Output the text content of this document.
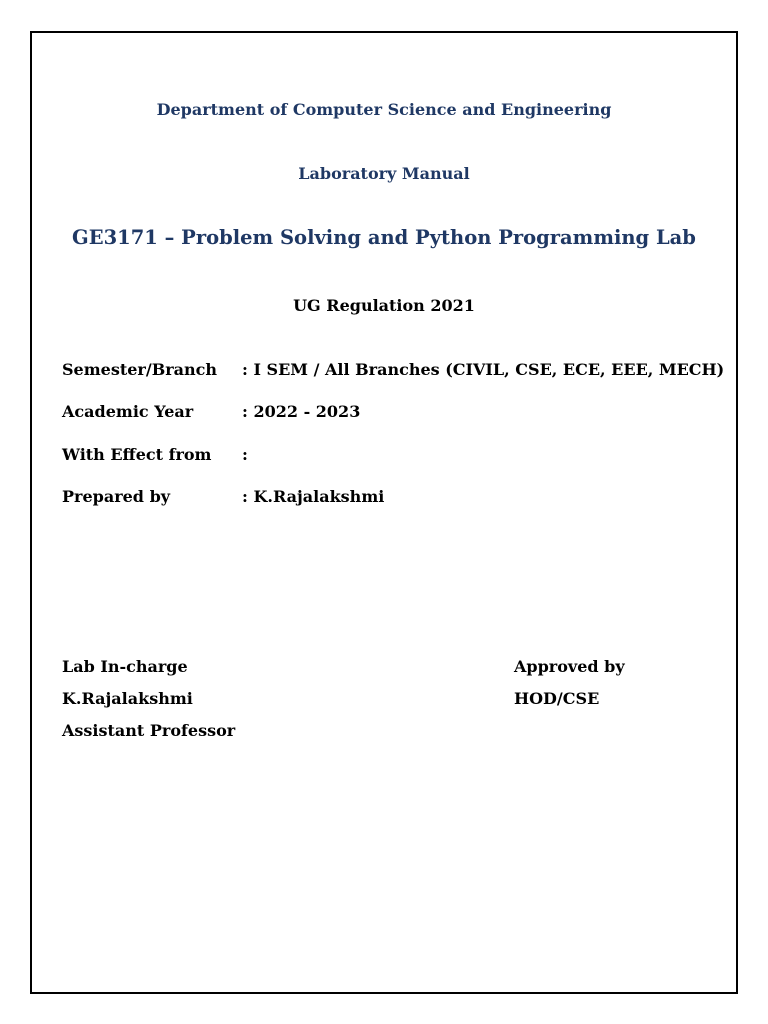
Department of Computer Science and Engineering
Laboratory Manual
GE3171 – Problem Solving and Python Programming Lab
UG Regulation 2021
Semester/Branch : I SEM / All Branches (CIVIL, CSE, ECE, EEE, MECH)
Academic Year	: 2022 - 2023
With Effect from :
Prepared by	: K.Rajalakshmi
Lab In-charge
K.Rajalakshmi
Assistant Professor
Approved by
HOD/CSE
